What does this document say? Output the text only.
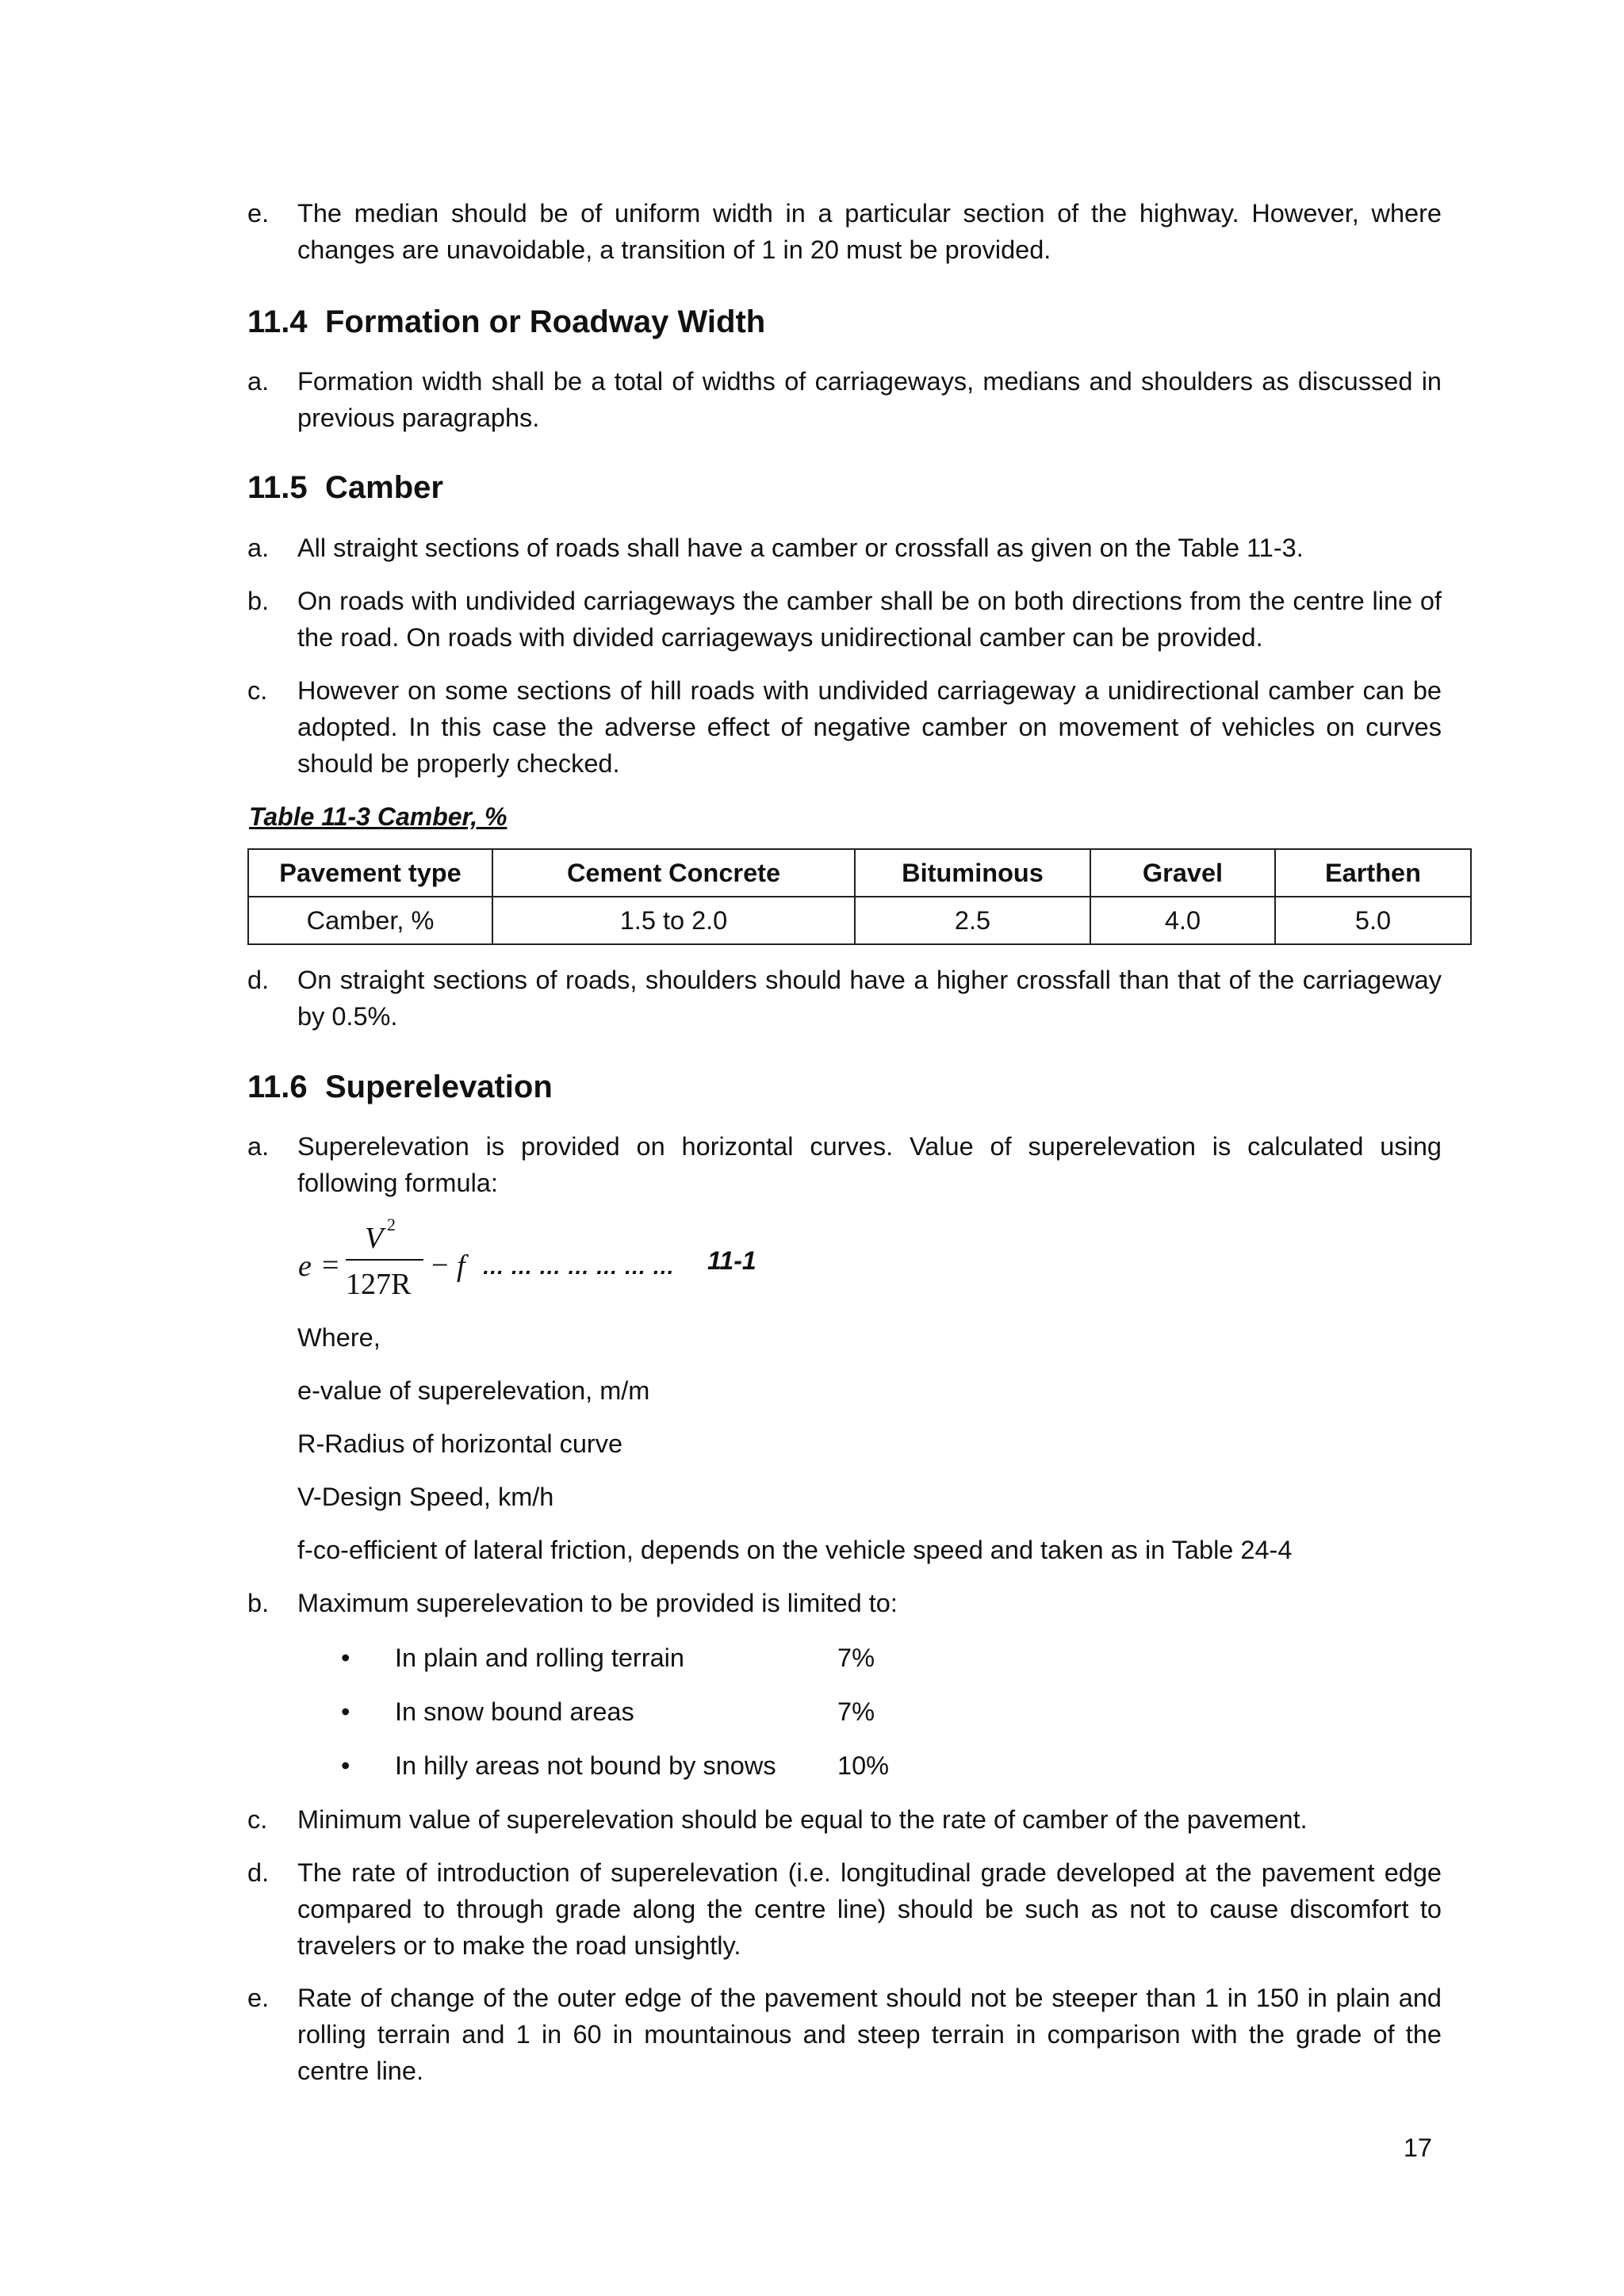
e. The median should be of uniform width in a particular section of the highway. However, where changes are unavoidable, a transition of 1 in 20 must be provided.
11.4 Formation or Roadway Width
a. Formation width shall be a total of widths of carriageways, medians and shoulders as discussed in previous paragraphs.
11.5 Camber
a. All straight sections of roads shall have a camber or crossfall as given on the Table 11-3.
b. On roads with undivided carriageways the camber shall be on both directions from the centre line of the road. On roads with divided carriageways unidirectional camber can be provided.
c. However on some sections of hill roads with undivided carriageway a unidirectional camber can be adopted. In this case the adverse effect of negative camber on movement of vehicles on curves should be properly checked.
Table 11-3 Camber, %
Pavement type	Cement Concrete	Bituminous	Gravel	Earthen
Camber, %	1.5 to 2.0	2.5	4.0	5.0
d. On straight sections of roads, shoulders should have a higher crossfall than that of the carriageway by 0.5%.
11.6 Superelevation
a. Superelevation is provided on horizontal curves. Value of superelevation is calculated using following formula:
e =
V 2
127R
− f … … … … … … … 11-1
Where,
e-value of superelevation, m/m
R-Radius of horizontal curve
V-Design Speed, km/h
f-co-efficient of lateral friction, depends on the vehicle speed and taken as in Table 24-4
b. Maximum superelevation to be provided is limited to:
• In plain and rolling terrain	7%
• In snow bound areas	7%
• In hilly areas not bound by snows 10%
c. Minimum value of superelevation should be equal to the rate of camber of the pavement.
d. The rate of introduction of superelevation (i.e. longitudinal grade developed at the pavement edge compared to through grade along the centre line) should be such as not to cause discomfort to travelers or to make the road unsightly.
e. Rate of change of the outer edge of the pavement should not be steeper than 1 in 150 in plain and rolling terrain and 1 in 60 in mountainous and steep terrain in comparison with the grade of the centre line.
17
